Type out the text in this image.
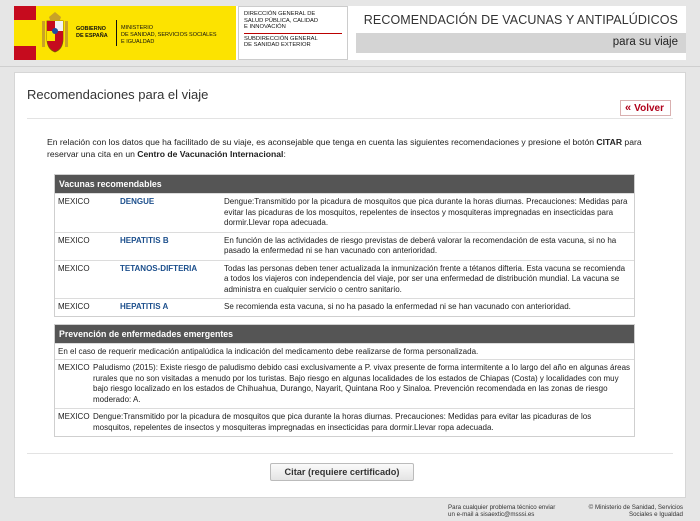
GOBIERNO
DE ESPAÑA
MINISTERIO
DE SANIDAD, SERVICIOS SOCIALES
E IGUALDAD
DIRECCIÓN GENERAL DE
SALUD PÚBLICA, CALIDAD
E INNOVACIÓN
SUBDIRECCIÓN GENERAL
DE SANIDAD EXTERIOR
RECOMENDACIÓN DE VACUNAS Y ANTIPALÚDICOS
para su viaje
Recomendaciones para el viaje
« Volver
En relación con los datos que ha facilitado de su viaje, es aconsejable que tenga en cuenta las siguientes recomendaciones y presione el botón CITAR para reservar una cita en un Centro de Vacunación Internacional:
Vacunas recomendables
MEXICO	DENGUE	Dengue:Transmitido por la picadura de mosquitos que pica durante la horas diurnas. Precauciones: Medidas para evitar las picaduras de los mosquitos, repelentes de insectos y mosquiteras impregnadas en insecticidas para dormir.Llevar ropa adecuada.
MEXICO	HEPATITIS B	En función de las actividades de riesgo previstas de deberá valorar la recomendación de esta vacuna, si no ha pasado la enfermedad ni se han vacunado con anterioridad.
MEXICO	TETANOS-DIFTERIA	Todas las personas deben tener actualizada la inmunización frente a tétanos difteria. Esta vacuna se recomienda a todos los viajeros con independencia del viaje, por ser una enfermedad de distribución mundial. La vacuna se administra en cualquier servicio o centro sanitario.
MEXICO	HEPATITIS A	Se recomienda esta vacuna, si no ha pasado la enfermedad ni se han vacunado con anterioridad.
Prevención de enfermedades emergentes
En el caso de requerir medicación antipalúdica la indicación del medicamento debe realizarse de forma personalizada.
MEXICO Paludismo (2015): Existe riesgo de paludismo debido casi exclusivamente a P. vivax presente de forma intermitente a lo largo del año en algunas áreas rurales que no son visitadas a menudo por los turistas. Bajo riesgo en algunas localidades de los estados de Chiapas (Costa) y localidades con muy bajo riesgo localizado en los estados de Chihuahua, Durango, Nayarit, Quintana Roo y Sinaloa. Prevención recomendada en las zonas de riesgo moderado: A.
MEXICO Dengue:Transmitido por la picadura de mosquitos que pica durante la horas diurnas. Precauciones: Medidas para evitar las picaduras de los mosquitos, repelentes de insectos y mosquiteras impregnadas en insecticidas para dormir.Llevar ropa adecuada.
Citar (requiere certificado)
Para cualquier problema técnico enviar
un e-mail a sisaextic@msssi.es
© Ministerio de Sanidad, Servicios
Sociales e Igualdad
